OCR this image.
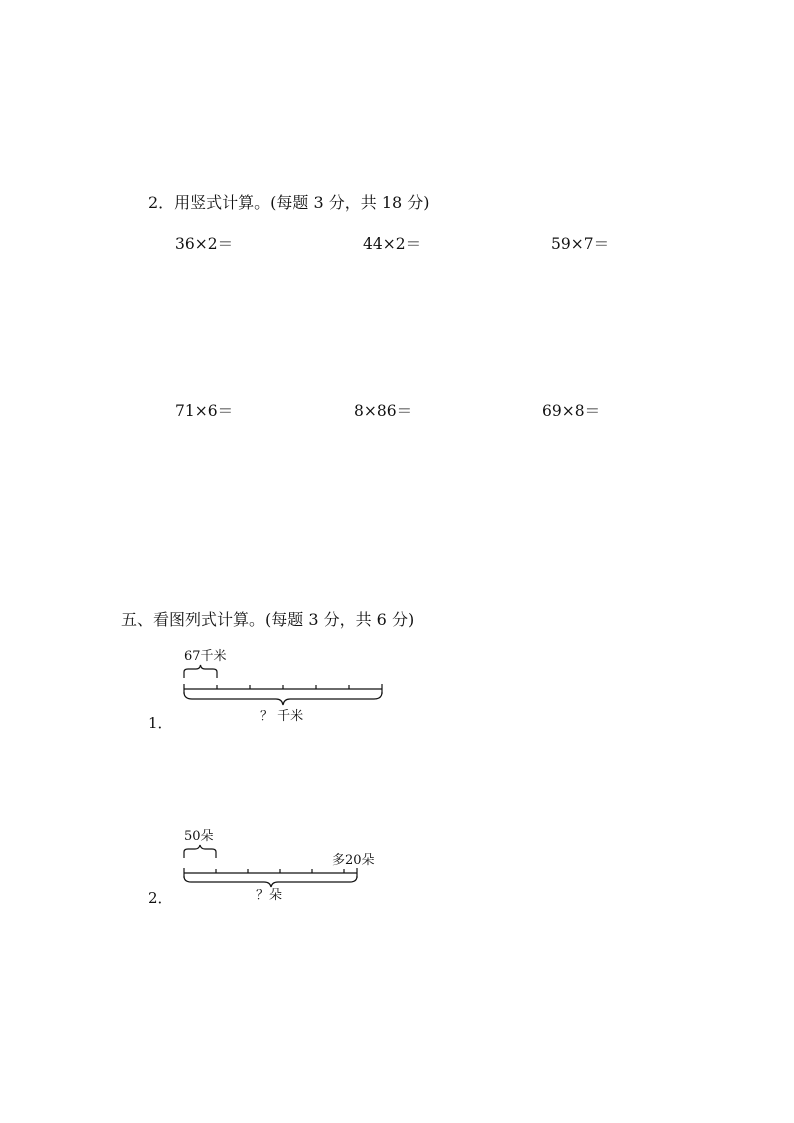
2．用竖式计算。(每题 3 分，共 18 分)
36×2＝	44×2＝	59×7＝
71×6＝	8×86＝	69×8＝
五、看图列式计算。(每题 3 分，共 6 分)
1．
67千米
？ 千米
2．
50朵
多20朵
？朵
